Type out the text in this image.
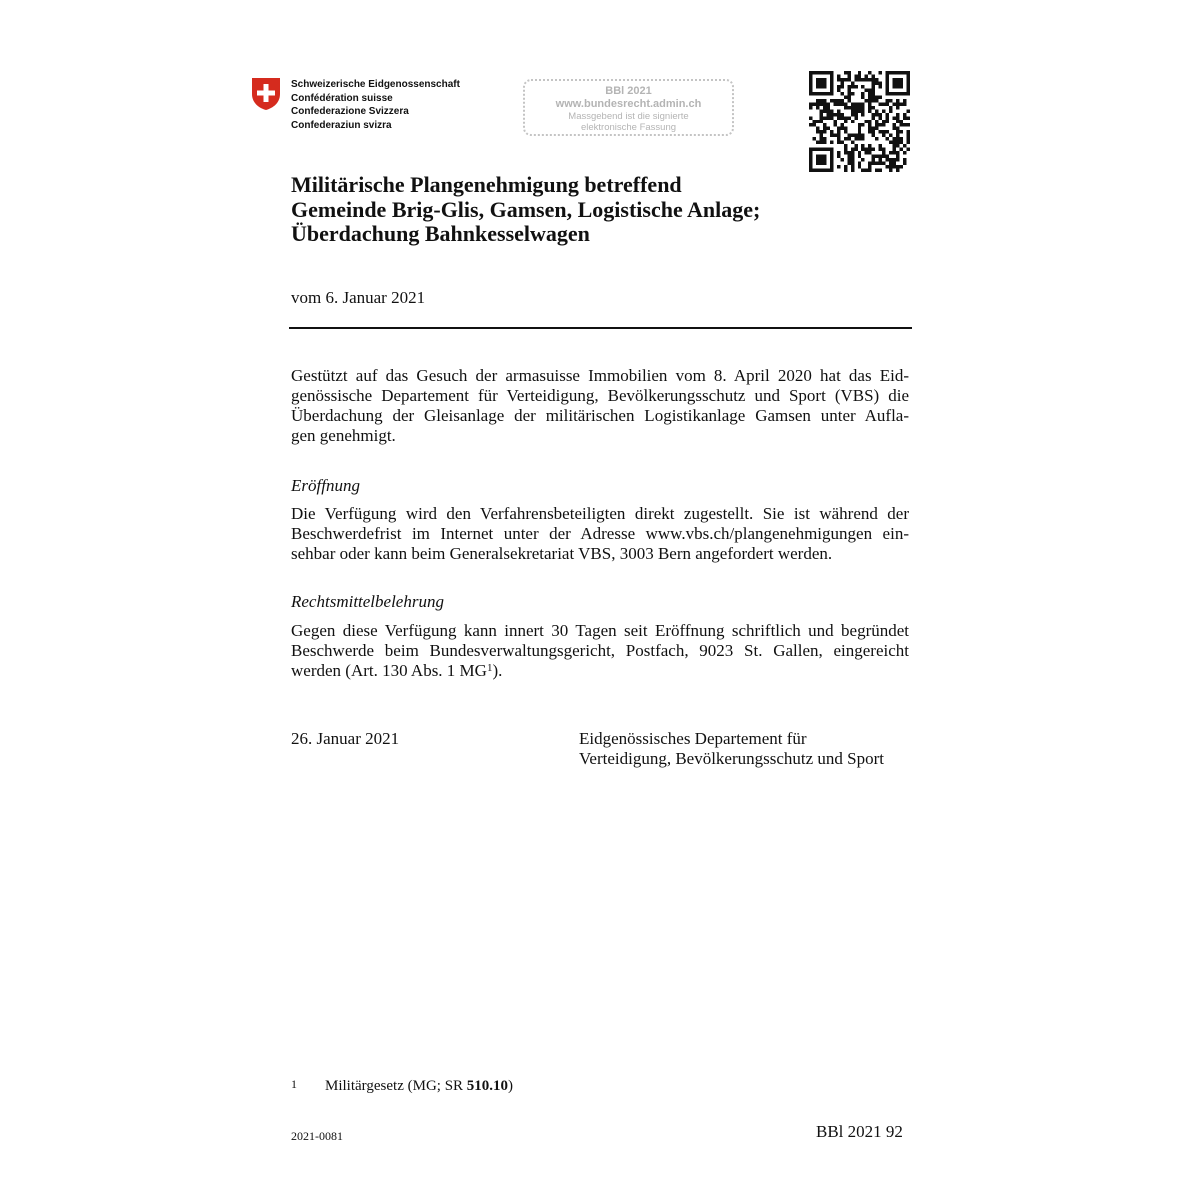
Schweizerische Eidgenossenschaft
Confédération suisse
Confederazione Svizzera
Confederaziun svizra
BBl 2021
www.bundesrecht.admin.ch
Massgebend ist die signierte
elektronische Fassung
Militärische Plangenehmigung betreffend
Gemeinde Brig-Glis, Gamsen, Logistische Anlage;
Überdachung Bahnkesselwagen
vom 6. Januar 2021
Gestützt auf das Gesuch der armasuisse Immobilien vom 8. April 2020 hat das Eid-
genössische Departement für Verteidigung, Bevölkerungsschutz und Sport (VBS) die
Überdachung der Gleisanlage der militärischen Logistikanlage Gamsen unter Aufla-
gen genehmigt.
Eröffnung
Die Verfügung wird den Verfahrensbeteiligten direkt zugestellt. Sie ist während der
Beschwerdefrist im Internet unter der Adresse www.vbs.ch/plangenehmigungen ein-
sehbar oder kann beim Generalsekretariat VBS, 3003 Bern angefordert werden.
Rechtsmittelbelehrung
Gegen diese Verfügung kann innert 30 Tagen seit Eröffnung schriftlich und begründet
Beschwerde beim Bundesverwaltungsgericht, Postfach, 9023 St. Gallen, eingereicht
werden (Art. 130 Abs. 1 MG$^1$).
26. Januar 2021	Eidgenössisches Departement für
Verteidigung, Bevölkerungsschutz und Sport
1 Militärgesetz (MG; SR 510.10)
2021-0081	BBl 2021 92
